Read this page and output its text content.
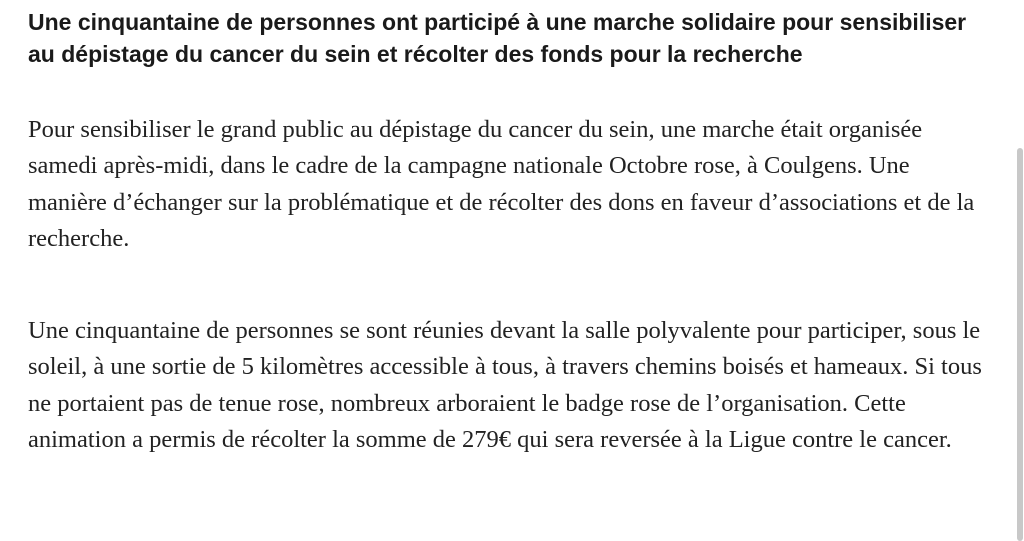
Une cinquantaine de personnes ont participé à une marche solidaire pour sensibiliser au dépistage du cancer du sein et récolter des fonds pour la recherche

Pour sensibiliser le grand public au dépistage du cancer du sein, une marche était organisée samedi après-midi, dans le cadre de la campagne nationale Octobre rose, à Coulgens. Une manière d’échanger sur la problématique et de récolter des dons en faveur d’associations et de la recherche.

Une cinquantaine de personnes se sont réunies devant la salle polyvalente pour participer, sous le soleil, à une sortie de 5 kilomètres accessible à tous, à travers chemins boisés et hameaux. Si tous ne portaient pas de tenue rose, nombreux arboraient le badge rose de l’organisation. Cette animation a permis de récolter la somme de 279€ qui sera reversée à la Ligue contre le cancer.
